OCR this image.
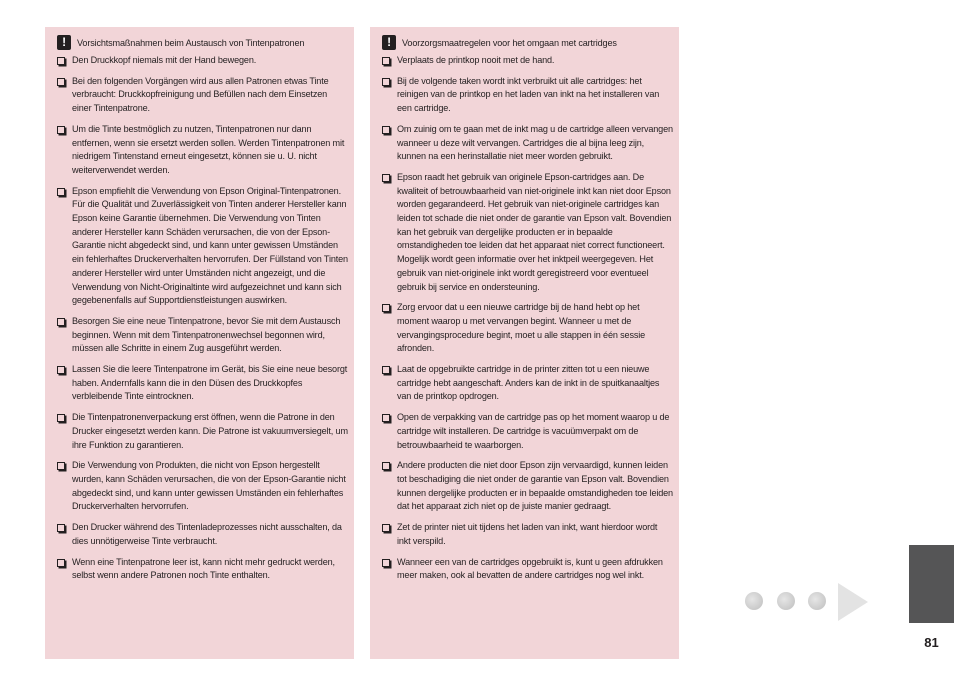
!	Vorsichtsmaßnahmen beim Austausch von Tintenpatronen
Den Druckkopf niemals mit der Hand bewegen.
Bei den folgenden Vorgängen wird aus allen Patronen etwas Tinte verbraucht: Druckkopfreinigung und Befüllen nach dem Einsetzen einer Tintenpatrone.
Um die Tinte bestmöglich zu nutzen, Tintenpatronen nur dann entfernen, wenn sie ersetzt werden sollen. Werden Tintenpatronen mit niedrigem Tintenstand erneut eingesetzt, können sie u. U. nicht weiterverwendet werden.
Epson empfiehlt die Verwendung von Epson Original-Tintenpatronen. Für die Qualität und Zuverlässigkeit von Tinten anderer Hersteller kann Epson keine Garantie übernehmen. Die Verwendung von Tinten anderer Hersteller kann Schäden verursachen, die von der Epson-Garantie nicht abgedeckt sind, und kann unter gewissen Umständen ein fehlerhaftes Druckerverhalten hervorrufen. Der Füllstand von Tinten anderer Hersteller wird unter Umständen nicht angezeigt, und die Verwendung von Nicht-Originaltinte wird aufgezeichnet und kann sich gegebenenfalls auf Supportdienstleistungen auswirken.
Besorgen Sie eine neue Tintenpatrone, bevor Sie mit dem Austausch beginnen. Wenn mit dem Tintenpatronenwechsel begonnen wird, müssen alle Schritte in einem Zug ausgeführt werden.
Lassen Sie die leere Tintenpatrone im Gerät, bis Sie eine neue besorgt haben. Andernfalls kann die in den Düsen des Druckkopfes verbleibende Tinte eintrocknen.
Die Tintenpatronenverpackung erst öffnen, wenn die Patrone in den Drucker eingesetzt werden kann. Die Patrone ist vakuumversiegelt, um ihre Funktion zu garantieren.
Die Verwendung von Produkten, die nicht von Epson hergestellt wurden, kann Schäden verursachen, die von der Epson-Garantie nicht abgedeckt sind, und kann unter gewissen Umständen ein fehlerhaftes Druckerverhalten hervorrufen.
Den Drucker während des Tintenladeprozesses nicht ausschalten, da dies unnötigerweise Tinte verbraucht.
Wenn eine Tintenpatrone leer ist, kann nicht mehr gedruckt werden, selbst wenn andere Patronen noch Tinte enthalten.
!	Voorzorgsmaatregelen voor het omgaan met cartridges
Verplaats de printkop nooit met de hand.
Bij de volgende taken wordt inkt verbruikt uit alle cartridges: het reinigen van de printkop en het laden van inkt na het installeren van een cartridge.
Om zuinig om te gaan met de inkt mag u de cartridge alleen vervangen wanneer u deze wilt vervangen. Cartridges die al bijna leeg zijn, kunnen na een herinstallatie niet meer worden gebruikt.
Epson raadt het gebruik van originele Epson-cartridges aan. De kwaliteit of betrouwbaarheid van niet-originele inkt kan niet door Epson worden gegarandeerd. Het gebruik van niet-originele cartridges kan leiden tot schade die niet onder de garantie van Epson valt. Bovendien kan het gebruik van dergelijke producten er in bepaalde omstandigheden toe leiden dat het apparaat niet correct functioneert. Mogelijk wordt geen informatie over het inktpeil weergegeven. Het gebruik van niet-originele inkt wordt geregistreerd voor eventueel gebruik bij service en ondersteuning.
Zorg ervoor dat u een nieuwe cartridge bij de hand hebt op het moment waarop u met vervangen begint. Wanneer u met de vervangingsprocedure begint, moet u alle stappen in één sessie afronden.
Laat de opgebruikte cartridge in de printer zitten tot u een nieuwe cartridge hebt aangeschaft. Anders kan de inkt in de spuitkanaaltjes van de printkop opdrogen.
Open de verpakking van de cartridge pas op het moment waarop u de cartridge wilt installeren. De cartridge is vacuümverpakt om de betrouwbaarheid te waarborgen.
Andere producten die niet door Epson zijn vervaardigd, kunnen leiden tot beschadiging die niet onder de garantie van Epson valt. Bovendien kunnen dergelijke producten er in bepaalde omstandigheden toe leiden dat het apparaat zich niet op de juiste manier gedraagt.
Zet de printer niet uit tijdens het laden van inkt, want hierdoor wordt inkt verspild.
Wanneer een van de cartridges opgebruikt is, kunt u geen afdrukken meer maken, ook al bevatten de andere cartridges nog wel inkt.
81
